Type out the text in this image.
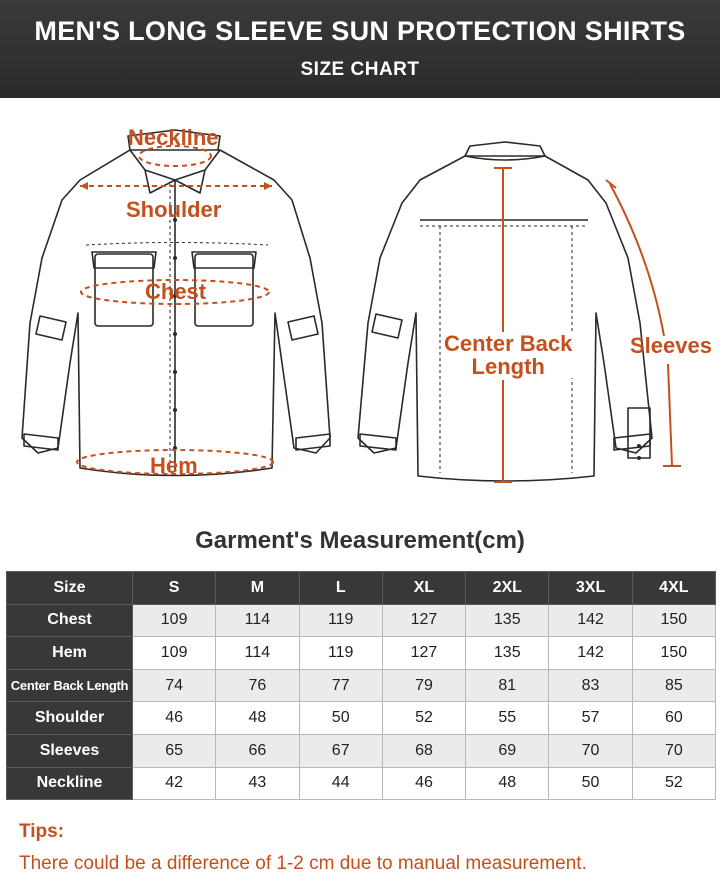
MEN'S LONG SLEEVE SUN PROTECTION SHIRTS
SIZE CHART
Neckline
Shoulder
Chest
Hem
Center Back
Length
Sleeves
Garment's Measurement(cm)
Size	S	M	L	XL	2XL	3XL	4XL
Chest	109	114	119	127	135	142	150
Hem	109	114	119	127	135	142	150
Center Back Length	74	76	77	79	81	83	85
Shoulder	46	48	50	52	55	57	60
Sleeves	65	66	67	68	69	70	70
Neckline	42	43	44	46	48	50	52
Tips:
There could be a difference of 1-2 cm due to manual measurement.
